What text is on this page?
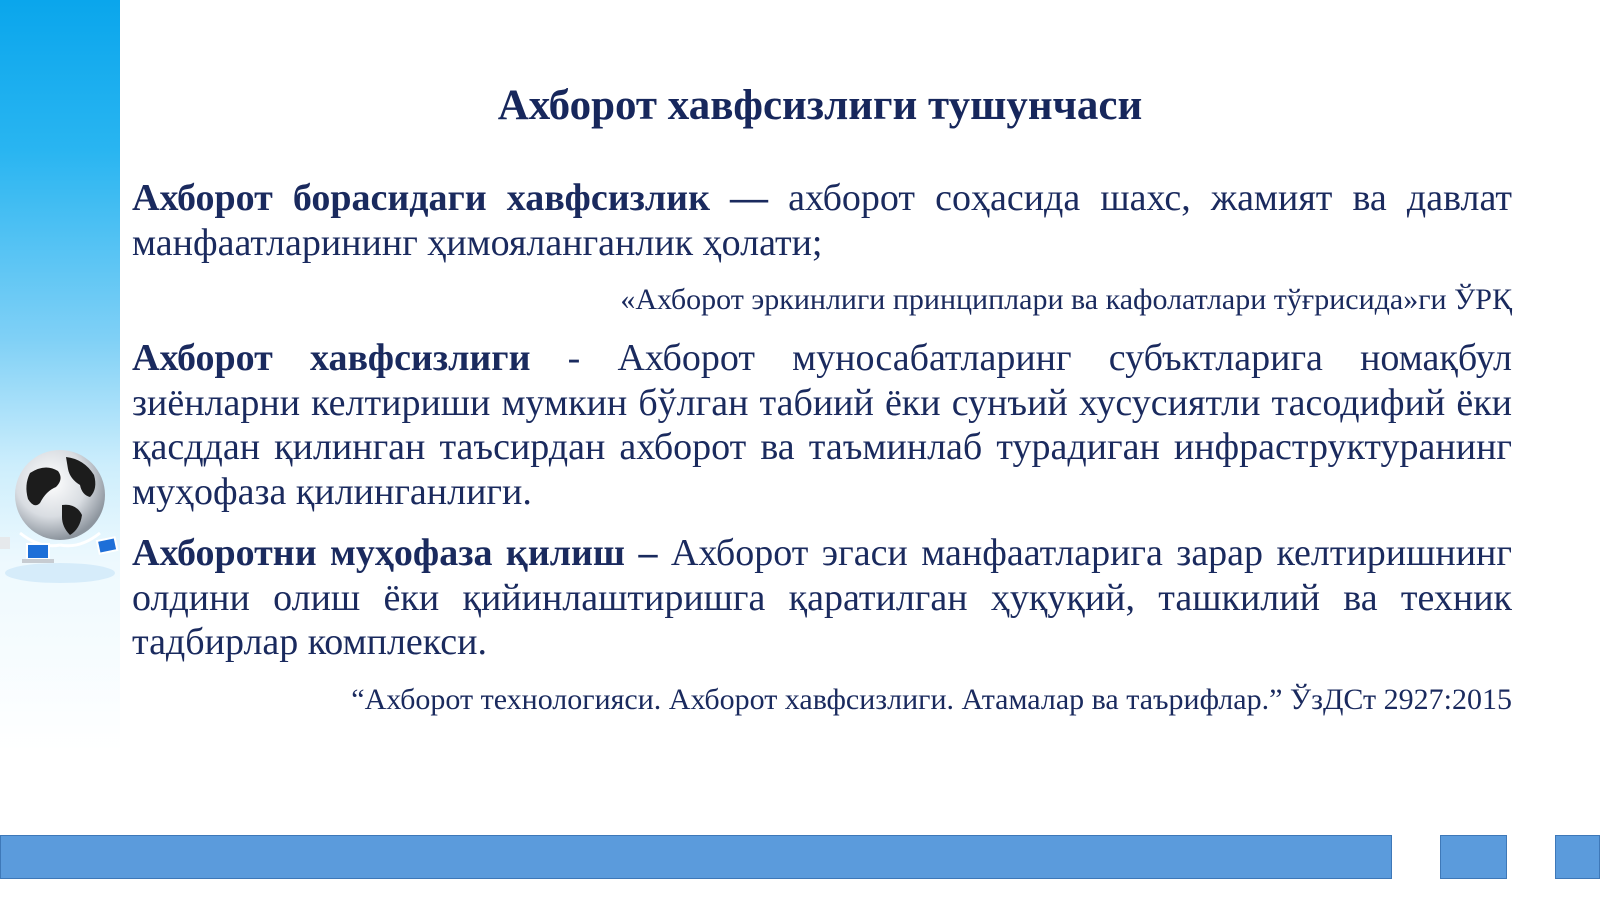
Ахборот хавфсизлиги тушунчаси

Ахборот борасидаги хавфсизлик — ахборот соҳасида шахс, жамият ва давлат манфаатларининг ҳимояланганлик ҳолати;

«Ахборот эркинлиги принциплари ва кафолатлари тўғрисида»ги ЎРҚ

Ахборот хавфсизлиги - Ахборот муносабатларинг субъктларига номақбул зиёнларни келтириши мумкин бўлган табиий ёки сунъий хусусиятли тасодифий ёки қасддан қилинган таъсирдан ахборот ва таъминлаб турадиган инфраструктуранинг муҳофаза қилинганлиги.

Ахборотни муҳофаза қилиш – Ахборот эгаси манфаатларига зарар келтиришнинг олдини олиш ёки қийинлаштиришга қаратилган ҳуқуқий, ташкилий ва техник тадбирлар комплекси.

“Ахборот технологияси. Ахборот хавфсизлиги. Атамалар ва таърифлар.” ЎзДСт 2927:2015
